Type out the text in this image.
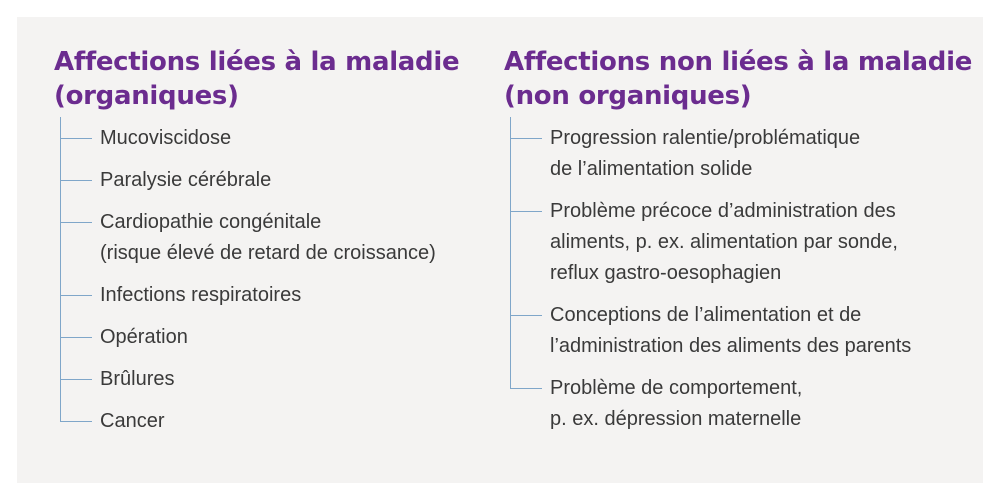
Affections liées à la maladie
(organiques)
Mucoviscidose
Paralysie cérébrale
Cardiopathie congénitale
(risque élevé de retard de croissance)
Infections respiratoires
Opération
Brûlures
Cancer
Affections non liées à la maladie
(non organiques)
Progression ralentie/problématique
de l’alimentation solide
Problème précoce d’administration des
aliments, p. ex. alimentation par sonde,
reflux gastro-oesophagien
Conceptions de l’alimentation et de
l’administration des aliments des parents
Problème de comportement,
p. ex. dépression maternelle
